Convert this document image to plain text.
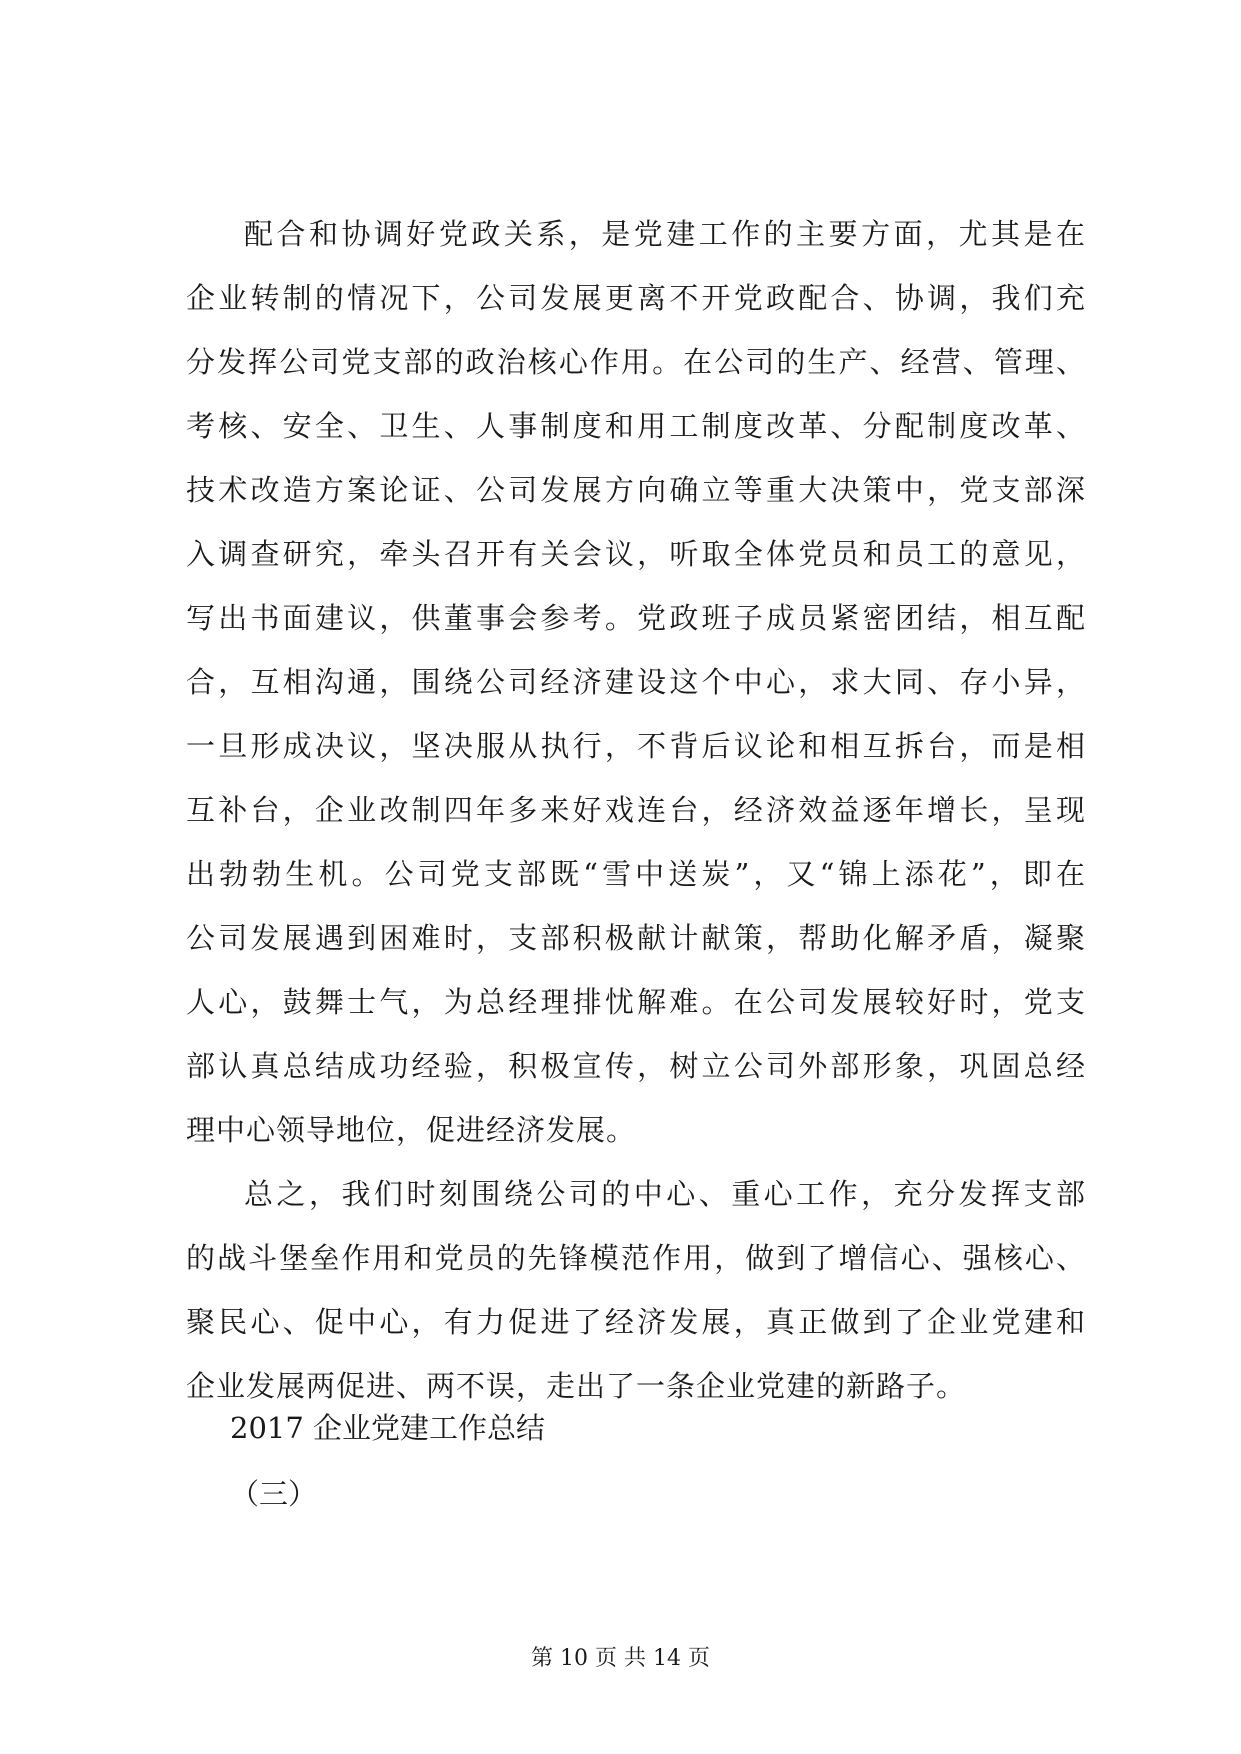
配合和协调好党政关系，是党建工作的主要方面，尤其是在
企业转制的情况下，公司发展更离不开党政配合、协调，我们充
分发挥公司党支部的政治核心作用。在公司的生产、经营、管理、
考核、安全、卫生、人事制度和用工制度改革、分配制度改革、
技术改造方案论证、公司发展方向确立等重大决策中，党支部深
入调查研究，牵头召开有关会议，听取全体党员和员工的意见，
写出书面建议，供董事会参考。党政班子成员紧密团结，相互配
合，互相沟通，围绕公司经济建设这个中心，求大同、存小异，
一旦形成决议，坚决服从执行，不背后议论和相互拆台，而是相
互补台，企业改制四年多来好戏连台，经济效益逐年增长，呈现
出勃勃生机。公司党支部既“雪中送炭”，又“锦上添花”，即在
公司发展遇到困难时，支部积极献计献策，帮助化解矛盾，凝聚
人心，鼓舞士气，为总经理排忧解难。在公司发展较好时，党支
部认真总结成功经验，积极宣传，树立公司外部形象，巩固总经
理中心领导地位，促进经济发展。
总之，我们时刻围绕公司的中心、重心工作，充分发挥支部
的战斗堡垒作用和党员的先锋模范作用，做到了增信心、强核心、
聚民心、促中心，有力促进了经济发展，真正做到了企业党建和
企业发展两促进、两不误，走出了一条企业党建的新路子。
2017 企业党建工作总结
（三）
第 10 页 共 14 页
